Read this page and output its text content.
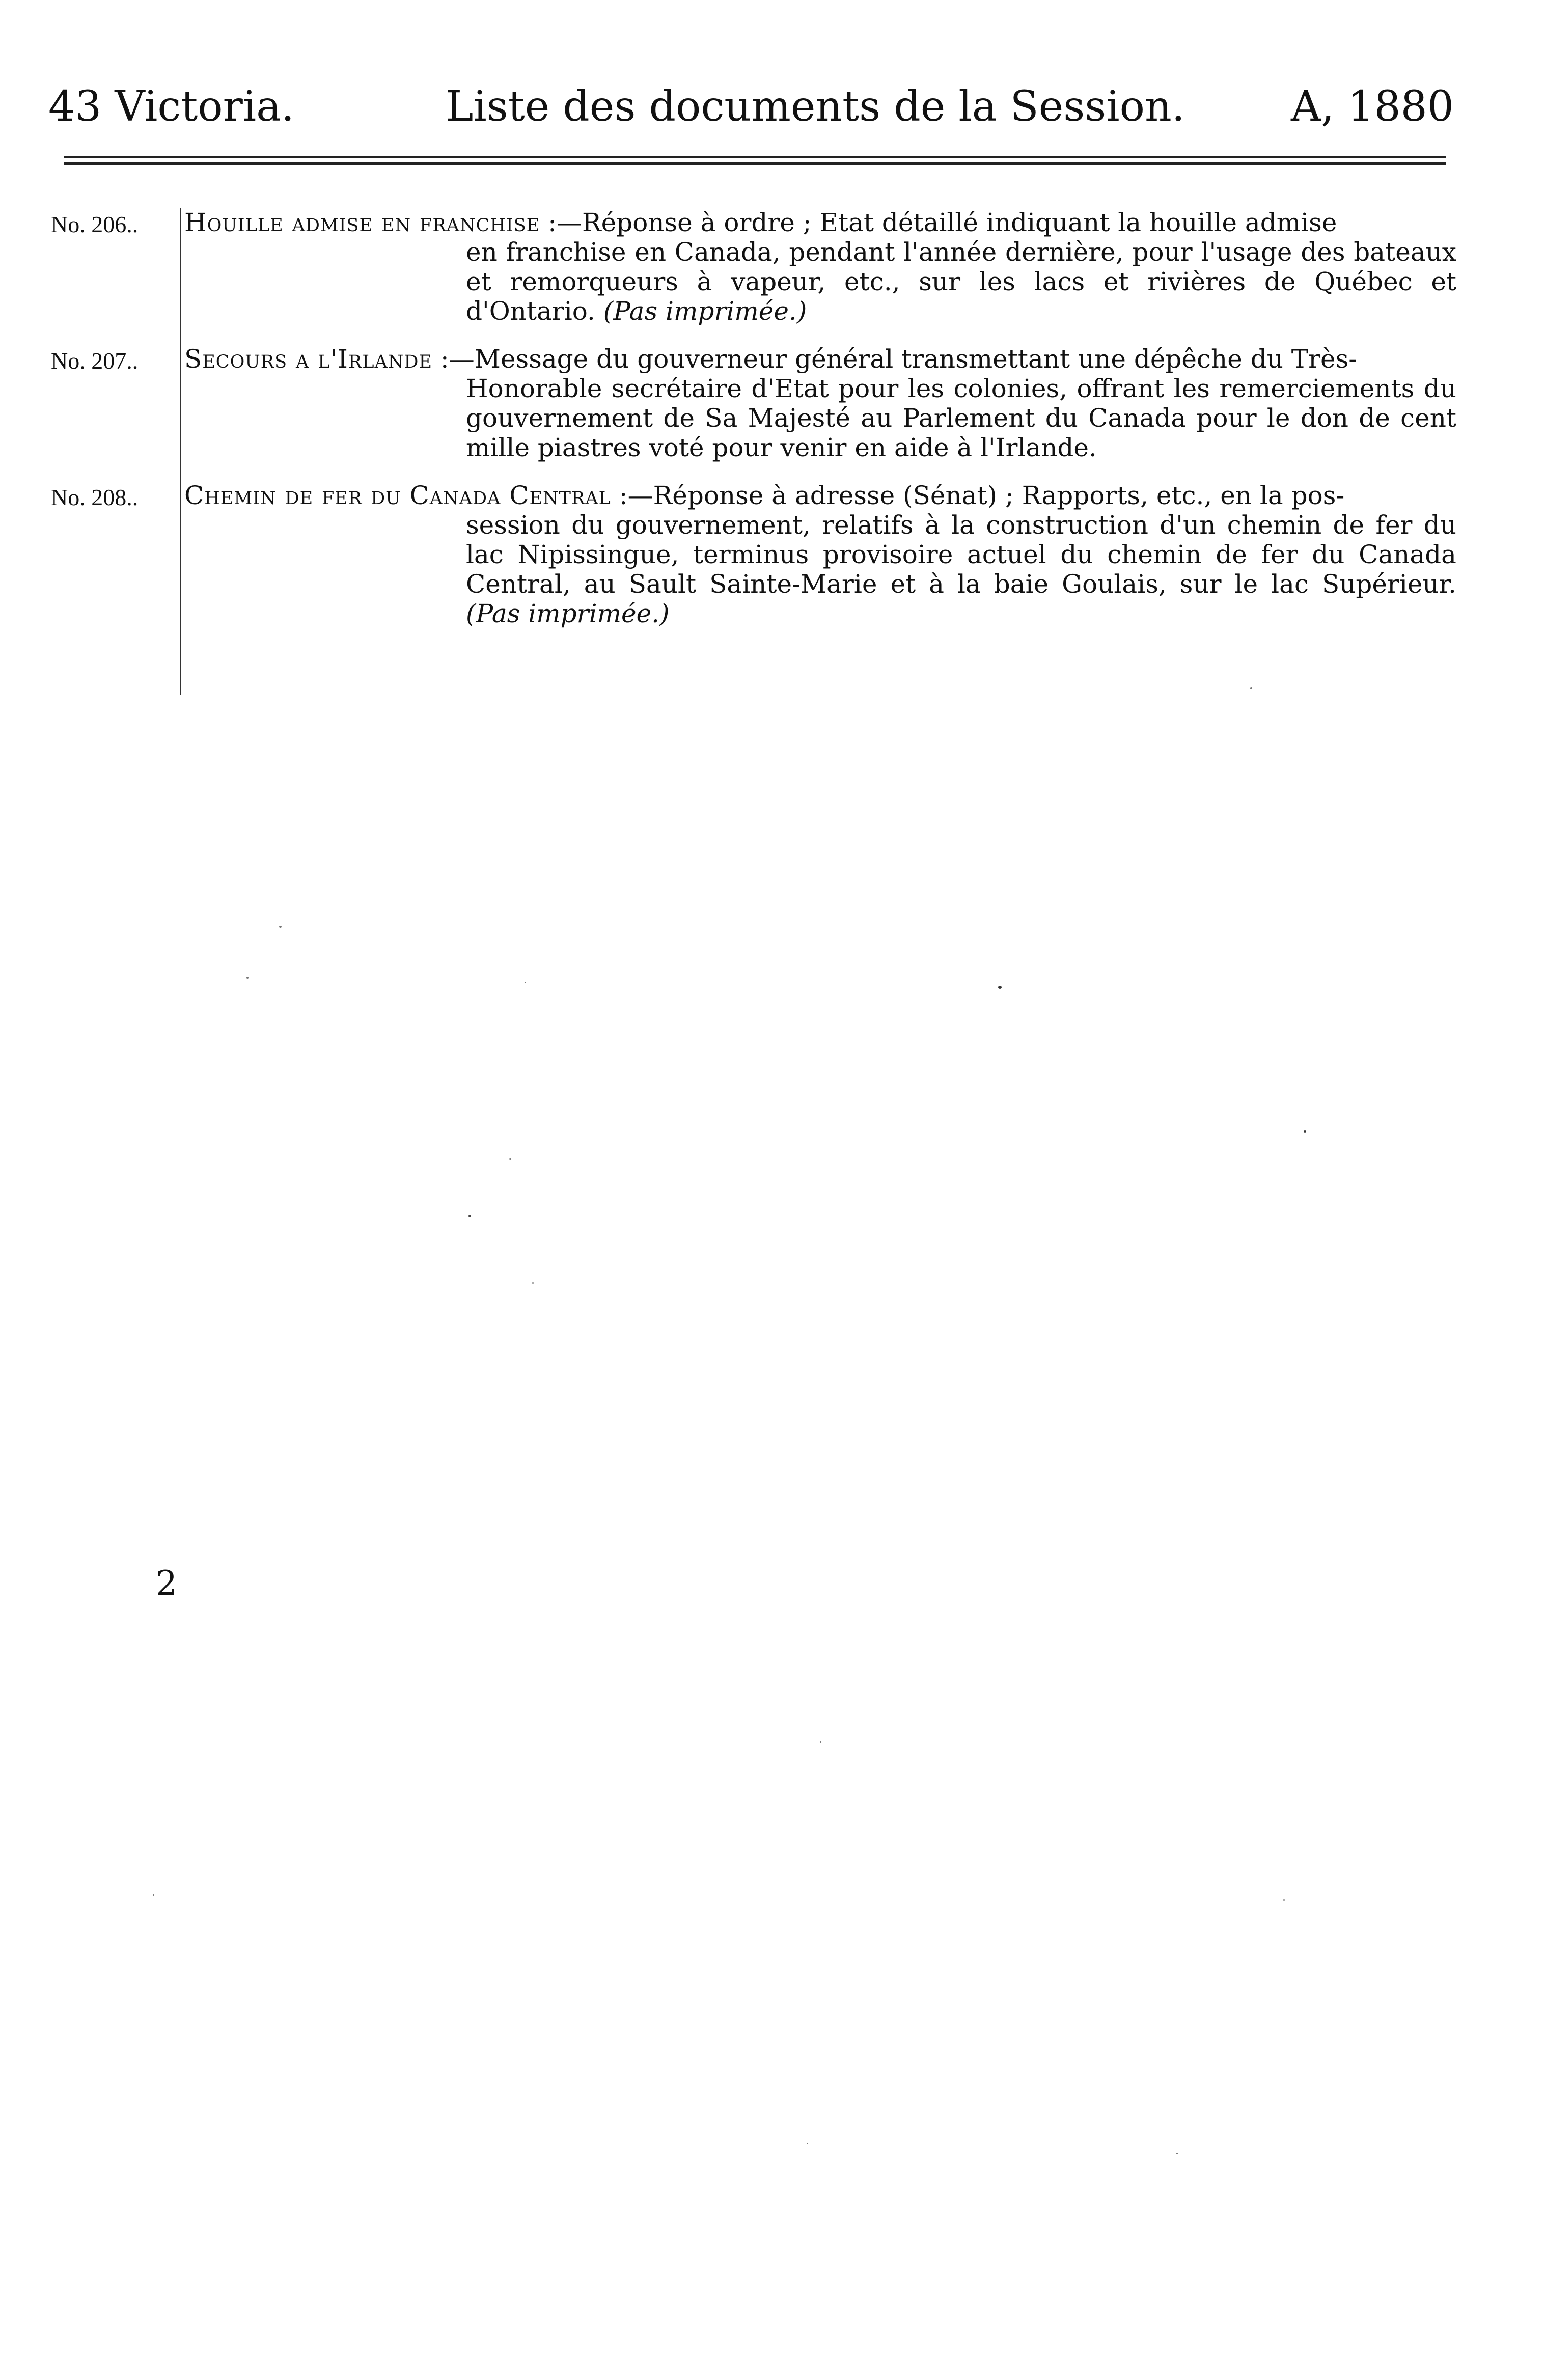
43 Victoria.	Liste des documents de la Session.	A, 1880
No. 206.. Houille admise en franchise :—Réponse à ordre ; Etat détaillé indiquant la houille admise
en franchise en Canada, pendant l'année dernière, pour l'usage des bateaux et remorqueurs à vapeur, etc., sur les lacs et rivières de Québec et d'Ontario. (Pas imprimée.)
No. 207.. Secours a l'Irlande :—Message du gouverneur général transmettant une dépêche du Très-
Honorable secrétaire d'Etat pour les colonies, offrant les remerciements du gouvernement de Sa Majesté au Parlement du Canada pour le don de cent mille piastres voté pour venir en aide à l'Irlande.
No. 208.. Chemin de fer du Canada Central :—Réponse à adresse (Sénat) ; Rapports, etc., en la pos-
session du gouvernement, relatifs à la construction d'un chemin de fer du lac Nipissingue, terminus provisoire actuel du chemin de fer du Canada Central, au Sault Sainte-Marie et à la baie Goulais, sur le lac Supérieur. (Pas imprimée.)
2
